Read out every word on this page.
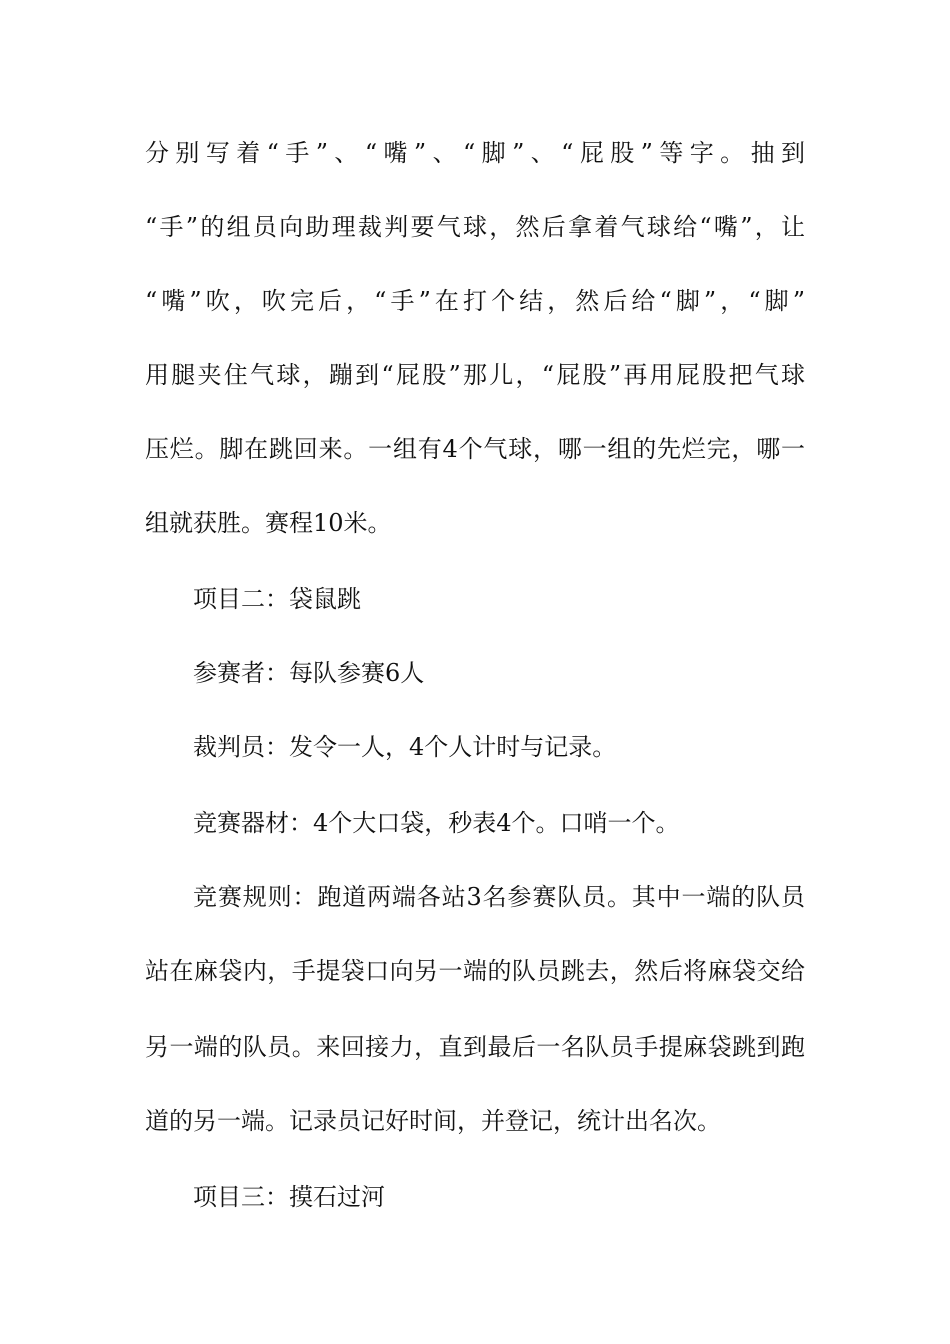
分别写着“手”、“嘴”、“脚”、“屁股”等字。抽到
“手”的组员向助理裁判要气球，然后拿着气球给“嘴”，让
“嘴”吹，吹完后，“手”在打个结，然后给“脚”，“脚”
用腿夹住气球，蹦到“屁股”那儿，“屁股”再用屁股把气球
压烂。脚在跳回来。一组有4个气球，哪一组的先烂完，哪一
组就获胜。赛程10米。
项目二：袋鼠跳
参赛者：每队参赛6人
裁判员：发令一人，4个人计时与记录。
竞赛器材：4个大口袋，秒表4个。口哨一个。
竞赛规则：跑道两端各站3名参赛队员。其中一端的队员
站在麻袋内，手提袋口向另一端的队员跳去，然后将麻袋交给
另一端的队员。来回接力，直到最后一名队员手提麻袋跳到跑
道的另一端。记录员记好时间，并登记，统计出名次。
项目三：摸石过河
